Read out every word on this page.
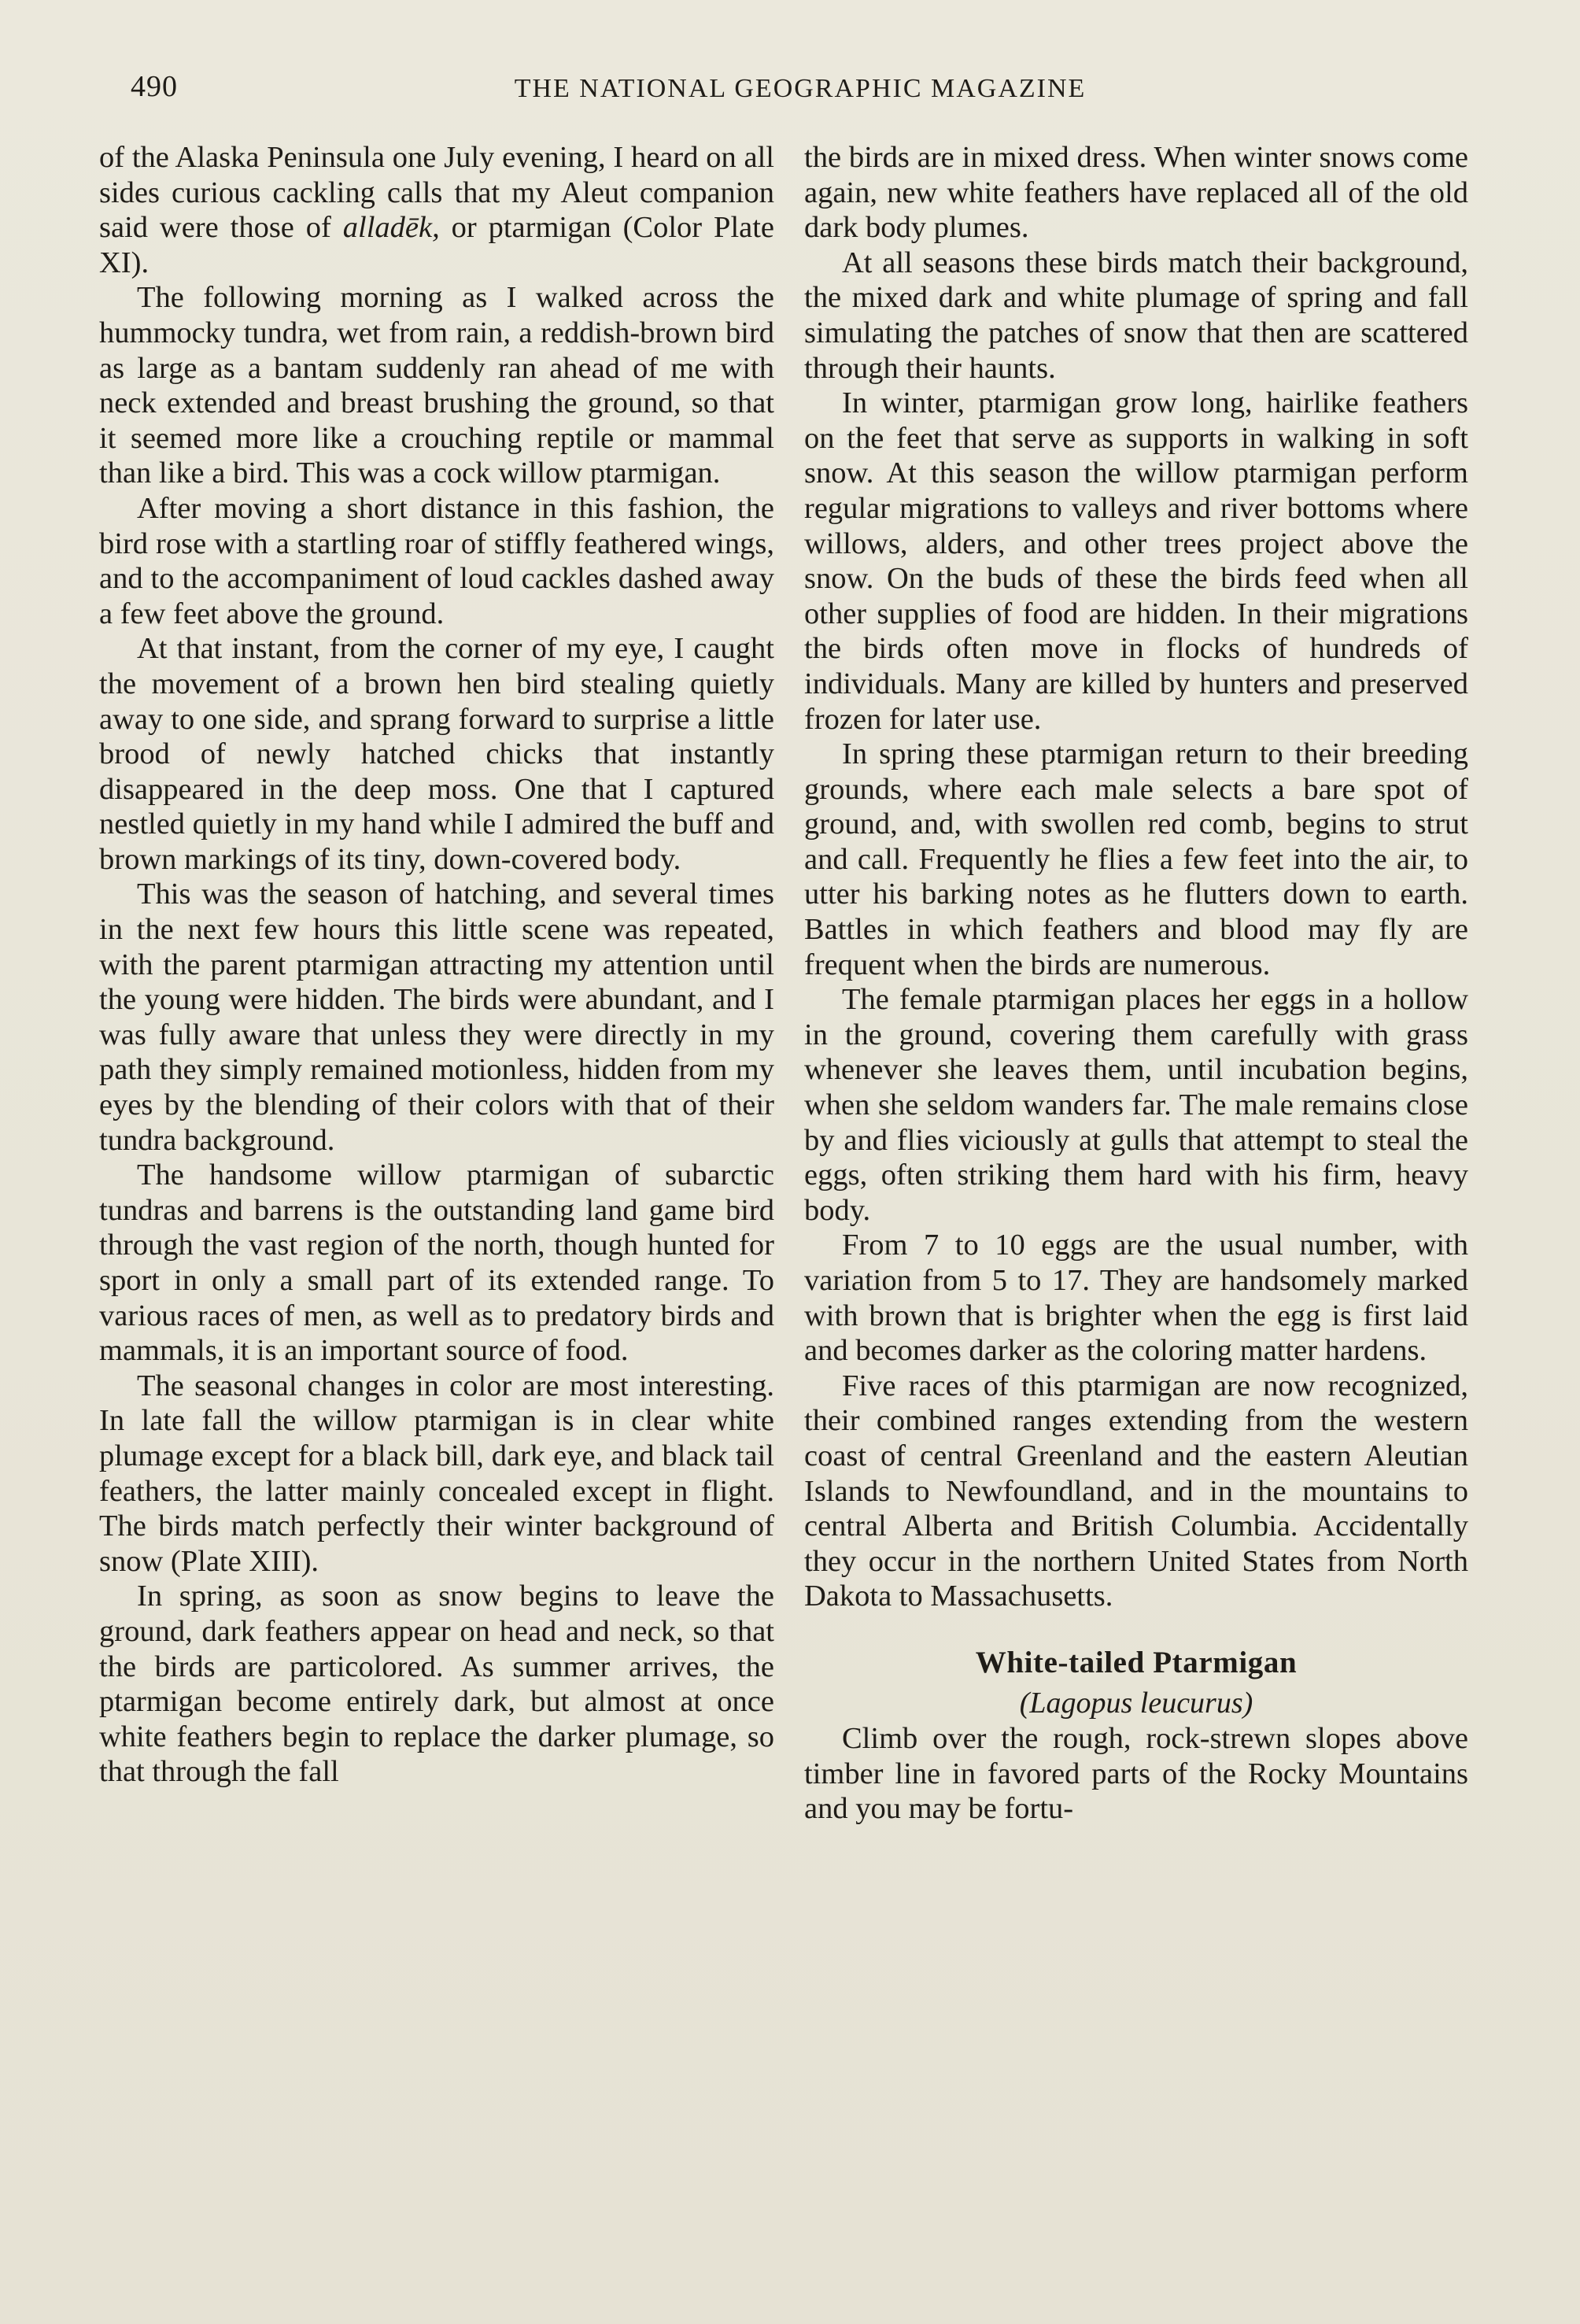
490	THE NATIONAL GEOGRAPHIC MAGAZINE

of the Alaska Peninsula one July evening, I heard on all sides curious cackling calls that my Aleut companion said were those of alladēk, or ptarmigan (Color Plate XI).

The following morning as I walked across the hummocky tundra, wet from rain, a reddish-brown bird as large as a bantam suddenly ran ahead of me with neck extended and breast brushing the ground, so that it seemed more like a crouching reptile or mammal than like a bird. This was a cock willow ptarmigan.

After moving a short distance in this fashion, the bird rose with a startling roar of stiffly feathered wings, and to the accompaniment of loud cackles dashed away a few feet above the ground.

At that instant, from the corner of my eye, I caught the movement of a brown hen bird stealing quietly away to one side, and sprang forward to surprise a little brood of newly hatched chicks that instantly disappeared in the deep moss. One that I captured nestled quietly in my hand while I admired the buff and brown markings of its tiny, down-covered body.

This was the season of hatching, and several times in the next few hours this little scene was repeated, with the parent ptarmigan attracting my attention until the young were hidden. The birds were abundant, and I was fully aware that unless they were directly in my path they simply remained motionless, hidden from my eyes by the blending of their colors with that of their tundra background.

The handsome willow ptarmigan of subarctic tundras and barrens is the outstanding land game bird through the vast region of the north, though hunted for sport in only a small part of its extended range. To various races of men, as well as to predatory birds and mammals, it is an important source of food.

The seasonal changes in color are most interesting. In late fall the willow ptarmigan is in clear white plumage except for a black bill, dark eye, and black tail feathers, the latter mainly concealed except in flight. The birds match perfectly their winter background of snow (Plate XIII).

In spring, as soon as snow begins to leave the ground, dark feathers appear on head and neck, so that the birds are particolored. As summer arrives, the ptarmigan become entirely dark, but almost at once white feathers begin to replace the darker plumage, so that through the fall

the birds are in mixed dress. When winter snows come again, new white feathers have replaced all of the old dark body plumes.

At all seasons these birds match their background, the mixed dark and white plumage of spring and fall simulating the patches of snow that then are scattered through their haunts.

In winter, ptarmigan grow long, hairlike feathers on the feet that serve as supports in walking in soft snow. At this season the willow ptarmigan perform regular migrations to valleys and river bottoms where willows, alders, and other trees project above the snow. On the buds of these the birds feed when all other supplies of food are hidden. In their migrations the birds often move in flocks of hundreds of individuals. Many are killed by hunters and preserved frozen for later use.

In spring these ptarmigan return to their breeding grounds, where each male selects a bare spot of ground, and, with swollen red comb, begins to strut and call. Frequently he flies a few feet into the air, to utter his barking notes as he flutters down to earth. Battles in which feathers and blood may fly are frequent when the birds are numerous.

The female ptarmigan places her eggs in a hollow in the ground, covering them carefully with grass whenever she leaves them, until incubation begins, when she seldom wanders far. The male remains close by and flies viciously at gulls that attempt to steal the eggs, often striking them hard with his firm, heavy body.

From 7 to 10 eggs are the usual number, with variation from 5 to 17. They are handsomely marked with brown that is brighter when the egg is first laid and becomes darker as the coloring matter hardens.

Five races of this ptarmigan are now recognized, their combined ranges extending from the western coast of central Greenland and the eastern Aleutian Islands to Newfoundland, and in the mountains to central Alberta and British Columbia. Accidentally they occur in the northern United States from North Dakota to Massachusetts.

White-tailed Ptarmigan
(Lagopus leucurus)

Climb over the rough, rock-strewn slopes above timber line in favored parts of the Rocky Mountains and you may be fortu-
